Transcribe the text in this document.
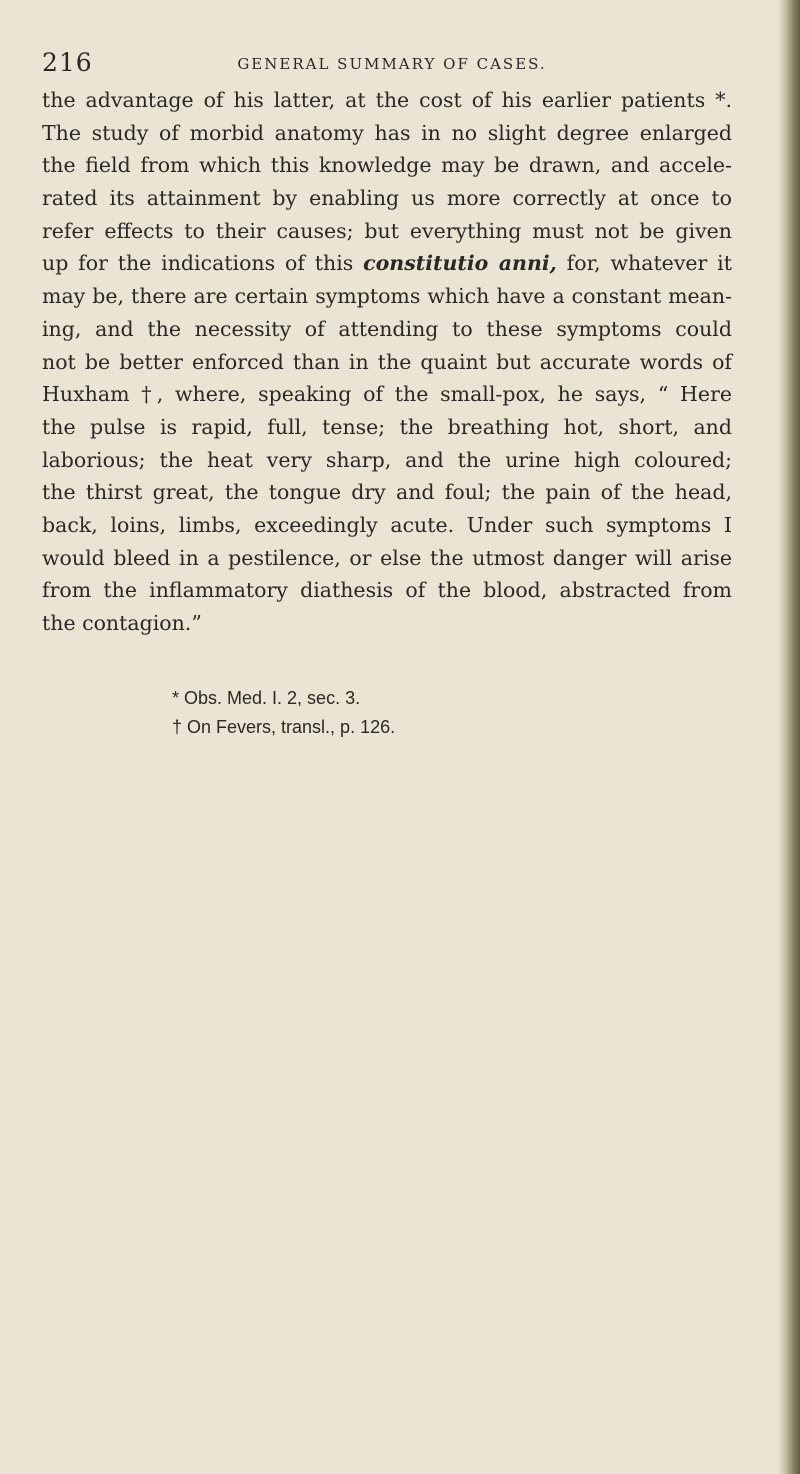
216	GENERAL SUMMARY OF CASES.
the advantage of his latter, at the cost of his earlier patients *.
The study of morbid anatomy has in no slight degree enlarged
the field from which this knowledge may be drawn, and accele-
rated its attainment by enabling us more correctly at once to
refer effects to their causes; but everything must not be given
up for the indications of this constitutio anni, for, whatever it
may be, there are certain symptoms which have a constant mean-
ing, and the necessity of attending to these symptoms could
not be better enforced than in the quaint but accurate words of
Huxham †, where, speaking of the small-pox, he says, “ Here
the pulse is rapid, full, tense; the breathing hot, short, and
laborious; the heat very sharp, and the urine high coloured;
the thirst great, the tongue dry and foul; the pain of the head,
back, loins, limbs, exceedingly acute. Under such symptoms I
would bleed in a pestilence, or else the utmost danger will arise
from the inflammatory diathesis of the blood, abstracted from
the contagion.”
* Obs. Med. I. 2, sec. 3.
† On Fevers, transl., p. 126.
